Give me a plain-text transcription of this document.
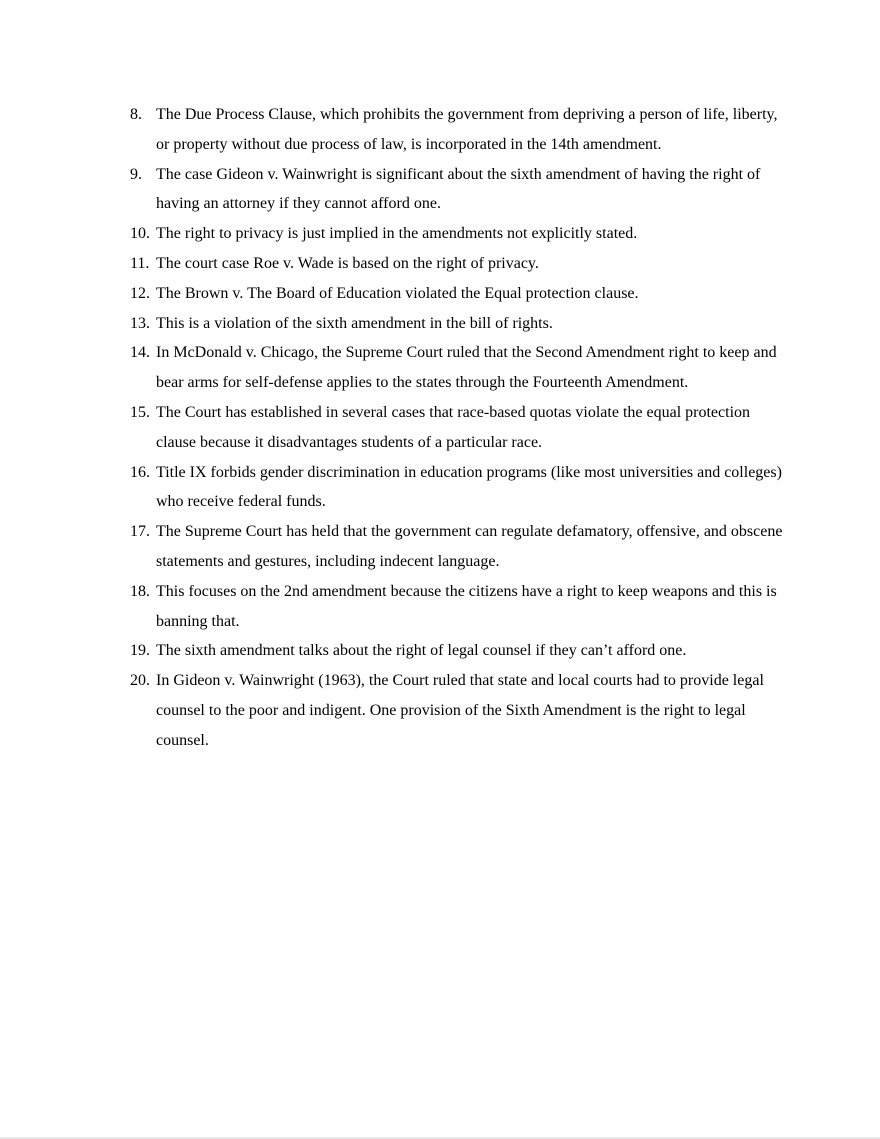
8. The Due Process Clause, which prohibits the government from depriving a person of life, liberty, or property without due process of law, is incorporated in the 14th amendment.
9. The case Gideon v. Wainwright is significant about the sixth amendment of having the right of having an attorney if they cannot afford one.
10. The right to privacy is just implied in the amendments not explicitly stated.
11. The court case Roe v. Wade is based on the right of privacy.
12. The Brown v. The Board of Education violated the Equal protection clause.
13. This is a violation of the sixth amendment in the bill of rights.
14. In McDonald v. Chicago, the Supreme Court ruled that the Second Amendment right to keep and bear arms for self-defense applies to the states through the Fourteenth Amendment.
15. The Court has established in several cases that race-based quotas violate the equal protection clause because it disadvantages students of a particular race.
16. Title IX forbids gender discrimination in education programs (like most universities and colleges) who receive federal funds.
17. The Supreme Court has held that the government can regulate defamatory, offensive, and obscene statements and gestures, including indecent language.
18. This focuses on the 2nd amendment because the citizens have a right to keep weapons and this is banning that.
19. The sixth amendment talks about the right of legal counsel if they can’t afford one.
20. In Gideon v. Wainwright (1963), the Court ruled that state and local courts had to provide legal counsel to the poor and indigent. One provision of the Sixth Amendment is the right to legal counsel.
